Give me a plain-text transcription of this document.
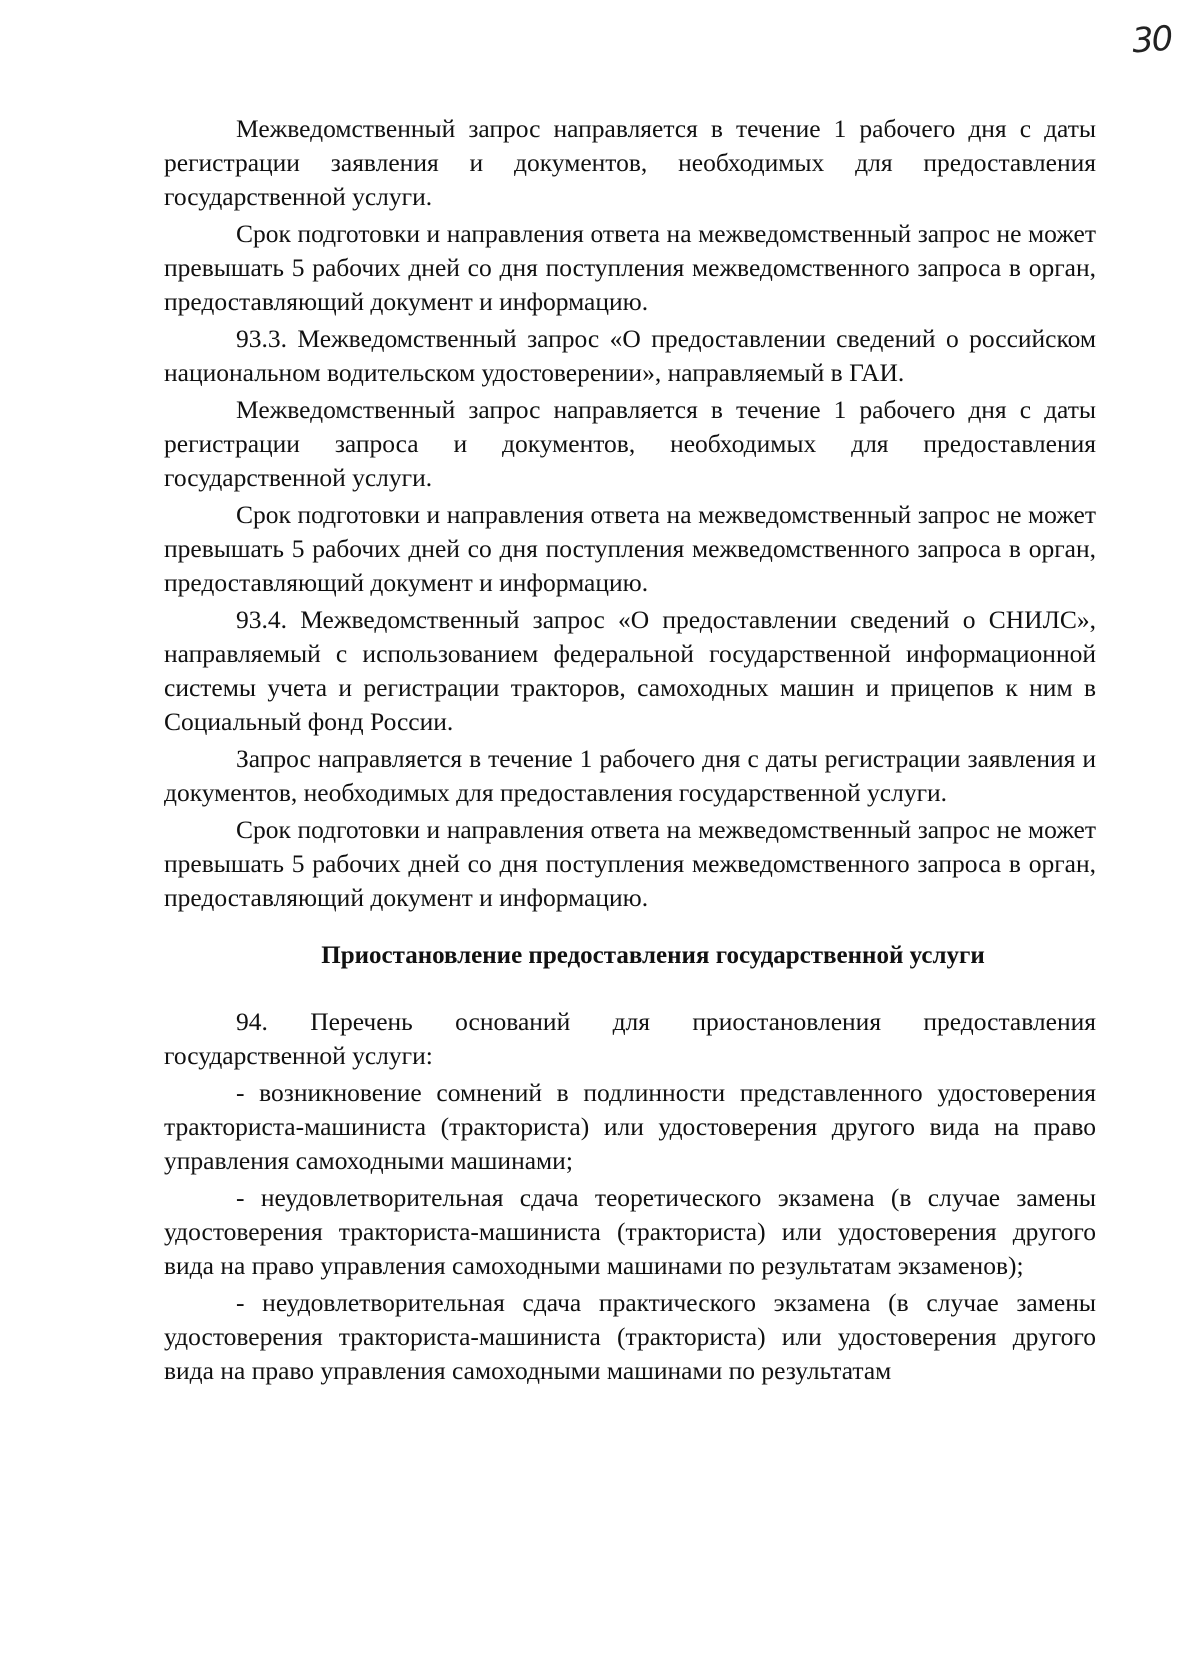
30

Межведомственный запрос направляется в течение 1 рабочего дня с даты регистрации заявления и документов, необходимых для предоставления государственной услуги.

Срок подготовки и направления ответа на межведомственный запрос не может превышать 5 рабочих дней со дня поступления межведомственного запроса в орган, предоставляющий документ и информацию.

93.3. Межведомственный запрос «О предоставлении сведений о российском национальном водительском удостоверении», направляемый в ГАИ.

Межведомственный запрос направляется в течение 1 рабочего дня с даты регистрации запроса и документов, необходимых для предоставления государственной услуги.

Срок подготовки и направления ответа на межведомственный запрос не может превышать 5 рабочих дней со дня поступления межведомственного запроса в орган, предоставляющий документ и информацию.

93.4. Межведомственный запрос «О предоставлении сведений о СНИЛС», направляемый с использованием федеральной государственной информационной системы учета и регистрации тракторов, самоходных машин и прицепов к ним в Социальный фонд России.

Запрос направляется в течение 1 рабочего дня с даты регистрации заявления и документов, необходимых для предоставления государственной услуги.

Срок подготовки и направления ответа на межведомственный запрос не может превышать 5 рабочих дней со дня поступления межведомственного запроса в орган, предоставляющий документ и информацию.

Приостановление предоставления государственной услуги

94. Перечень оснований для приостановления предоставления государственной услуги:

- возникновение сомнений в подлинности представленного удостоверения тракториста-машиниста (тракториста) или удостоверения другого вида на право управления самоходными машинами;

- неудовлетворительная сдача теоретического экзамена (в случае замены удостоверения тракториста-машиниста (тракториста) или удостоверения другого вида на право управления самоходными машинами по результатам экзаменов);

- неудовлетворительная сдача практического экзамена (в случае замены удостоверения тракториста-машиниста (тракториста) или удостоверения другого вида на право управления самоходными машинами по результатам
